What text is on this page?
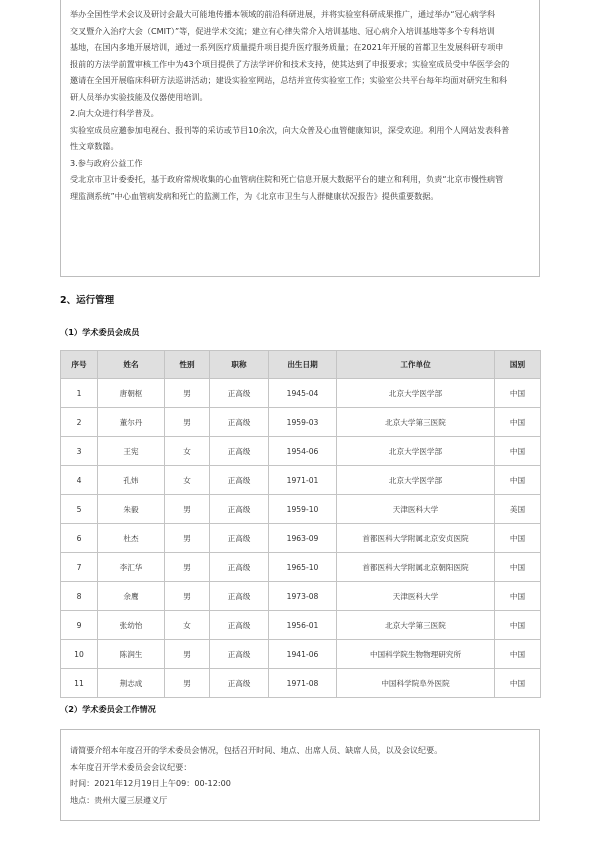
举办全国性学术会议及研讨会最大可能地传播本领域的前沿科研进展，并将实验室科研成果推广，通过举办“冠心病学科
交叉暨介入治疗大会（CMIT）”等，促进学术交流；建立有心律失常介入培训基地、冠心病介入培训基地等多个专科培训
基地，在国内多地开展培训，通过一系列医疗质量提升项目提升医疗服务质量；在2021年开展的首都卫生发展科研专项申
报前的方法学前置审核工作中为43个项目提供了方法学评价和技术支持，使其达到了申报要求；实验室成员受中华医学会的
邀请在全国开展临床科研方法巡讲活动；建设实验室网站，总结并宣传实验室工作；实验室公共平台每年均面对研究生和科
研人员举办实验技能及仪器使用培训。

2.向大众进行科学普及。

实验室成员应邀参加电视台、报刊等的采访或节目10余次，向大众普及心血管健康知识，深受欢迎。利用个人网站发表科普
性文章数篇。

3.参与政府公益工作

受北京市卫计委委托，基于政府常规收集的心血管病住院和死亡信息开展大数据平台的建立和利用，负责“北京市慢性病管
理监测系统”中心血管病发病和死亡的监测工作，为《北京市卫生与人群健康状况报告》提供重要数据。

2、运行管理
（1）学术委员会成员
序号	姓名	性别	职称	出生日期	工作单位	国别
1	唐朝枢	男	正高级	1945-04	北京大学医学部	中国
2	董尔丹	男	正高级	1959-03	北京大学第三医院	中国
3	王宪	女	正高级	1954-06	北京大学医学部	中国
4	孔炜	女	正高级	1971-01	北京大学医学部	中国
5	朱毅	男	正高级	1959-10	天津医科大学	美国
6	杜杰	男	正高级	1963-09	首都医科大学附属北京安贞医院	中国
7	李汇华	男	正高级	1965-10	首都医科大学附属北京朝阳医院	中国
8	余鹰	男	正高级	1973-08	天津医科大学	中国
9	张幼怡	女	正高级	1956-01	北京大学第三医院	中国
10	陈润生	男	正高级	1941-06	中国科学院生物物理研究所	中国
11	荆志成	男	正高级	1971-08	中国科学院阜外医院	中国
（2）学术委员会工作情况

请简要介绍本年度召开的学术委员会情况，包括召开时间、地点、出席人员、缺席人员，以及会议纪要。
本年度召开学术委员会会议纪要：
时间：2021年12月19日上午09：00-12:00
地点：贵州大厦三层遵义厅
